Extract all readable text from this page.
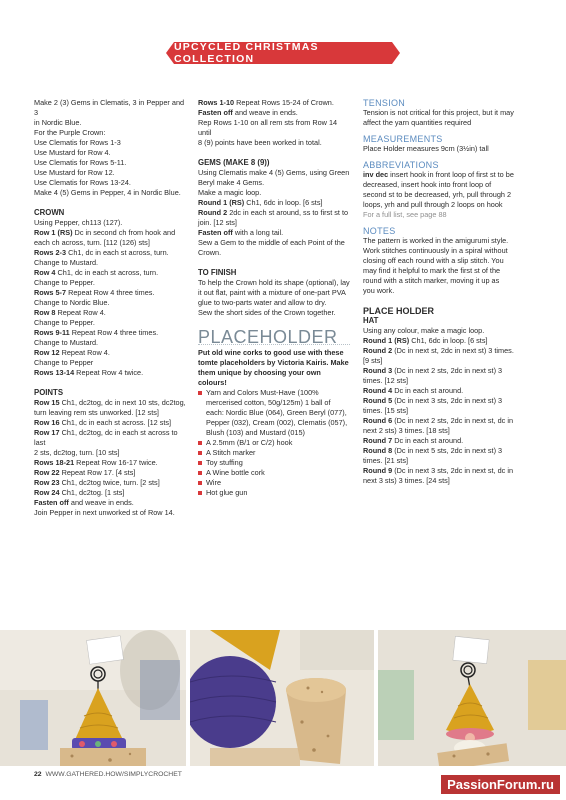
UPCYCLED CHRISTMAS COLLECTION

Make 2 (3) Gems in Clematis, 3 in Pepper and 3

in Nordic Blue.

For the Purple Crown:

Use Clematis for Rows 1-3

Use Mustard for Row 4.

Use Clematis for Rows 5-11.

Use Mustard for Row 12.

Use Clematis for Rows 13-24.

Make 4 (5) Gems in Pepper, 4 in Nordic Blue.

CROWN

Using Pepper, ch113 (127).

Row 1 (RS) Dc in second ch from hook and

each ch across, turn. [112 (126) sts]

Rows 2-3 Ch1, dc in each st across, turn.

Change to Mustard.

Row 4 Ch1, dc in each st across, turn.

Change to Pepper.

Rows 5-7 Repeat Row 4 three times.

Change to Nordic Blue.

Row 8 Repeat Row 4.

Change to Pepper.

Rows 9-11 Repeat Row 4 three times.

Change to Mustard.

Row 12 Repeat Row 4.

Change to Pepper

Rows 13-14 Repeat Row 4 twice.

POINTS

Row 15 Ch1, dc2tog, dc in next 10 sts, dc2tog,

turn leaving rem sts unworked. [12 sts]

Row 16 Ch1, dc in each st across. [12 sts]

Row 17 Ch1, dc2tog, dc in each st across to last

2 sts, dc2tog, turn. [10 sts]

Rows 18-21 Repeat Row 16-17 twice.

Row 22 Repeat Row 17. [4 sts]

Row 23 Ch1, dc2tog twice, turn. [2 sts]

Row 24 Ch1, dc2tog. [1 sts]

Fasten off and weave in ends.

Join Pepper in next unworked st of Row 14.

Rows 1-10 Repeat Rows 15-24 of Crown.

Fasten off and weave in ends.

Rep Rows 1-10 on all rem sts from Row 14 until

8 (9) points have been worked in total.

GEMS (MAKE 8 (9))

Using Clematis make 4 (5) Gems, using Green

Beryl make 4 Gems.

Make a magic loop.

Round 1 (RS) Ch1, 6dc in loop. [6 sts]

Round 2 2dc in each st around, ss to first st to

join. [12 sts]

Fasten off with a long tail.

Sew a Gem to the middle of each Point of the

Crown.

TO FINISH

To help the Crown hold its shape (optional), lay

it out flat, paint with a mixture of one-part PVA

glue to two-parts water and allow to dry.

Sew the short sides of the Crown together.

PLACEHOLDER

Put old wine corks to good use with these

tomte placeholders by Victoria Kairis. Make

them unique by choosing your own colours!

Yarn and Colors Must-Have (100% mercerised cotton, 50g/125m) 1 ball of each: Nordic Blue (064), Green Beryl (077), Pepper (032), Cream (002), Clematis (057), Blush (103) and Mustard (015)

A 2.5mm (B/1 or C/2) hook

A Stitch marker

Toy stuffing

A Wine bottle cork

Wire

Hot glue gun

TENSION

Tension is not critical for this project, but it may

affect the yarn quantities required

MEASUREMENTS

Place Holder measures 9cm (3½in) tall

ABBREVIATIONS

inv dec insert hook in front loop of first st to be

decreased, insert hook into front loop of

second st to be decreased, yrh, pull through 2

loops, yrh and pull through 2 loops on hook

For a full list, see page 88

NOTES

The pattern is worked in the amigurumi style.

Work stitches continuously in a spiral without

closing off each round with a slip stitch. You

may find it helpful to mark the first st of the

round with a stitch marker, moving it up as

you work.

PLACE HOLDER

HAT

Using any colour, make a magic loop.

Round 1 (RS) Ch1, 6dc in loop. [6 sts]

Round 2 (Dc in next st, 2dc in next st) 3 times.

[9 sts]

Round 3 (Dc in next 2 sts, 2dc in next st) 3

times. [12 sts]

Round 4 Dc in each st around.

Round 5 (Dc in next 3 sts, 2dc in next st) 3

times. [15 sts]

Round 6 (Dc in next 2 sts, 2dc in next st, dc in

next 2 sts) 3 times. [18 sts]

Round 7 Dc in each st around.

Round 8 (Dc in next 5 sts, 2dc in next st) 3

times. [21 sts]

Round 9 (Dc in next 3 sts, 2dc in next st, dc in

next 3 sts) 3 times. [24 sts]

22 WWW.GATHERED.HOW/SIMPLYCROCHET
PassionForum.ru
